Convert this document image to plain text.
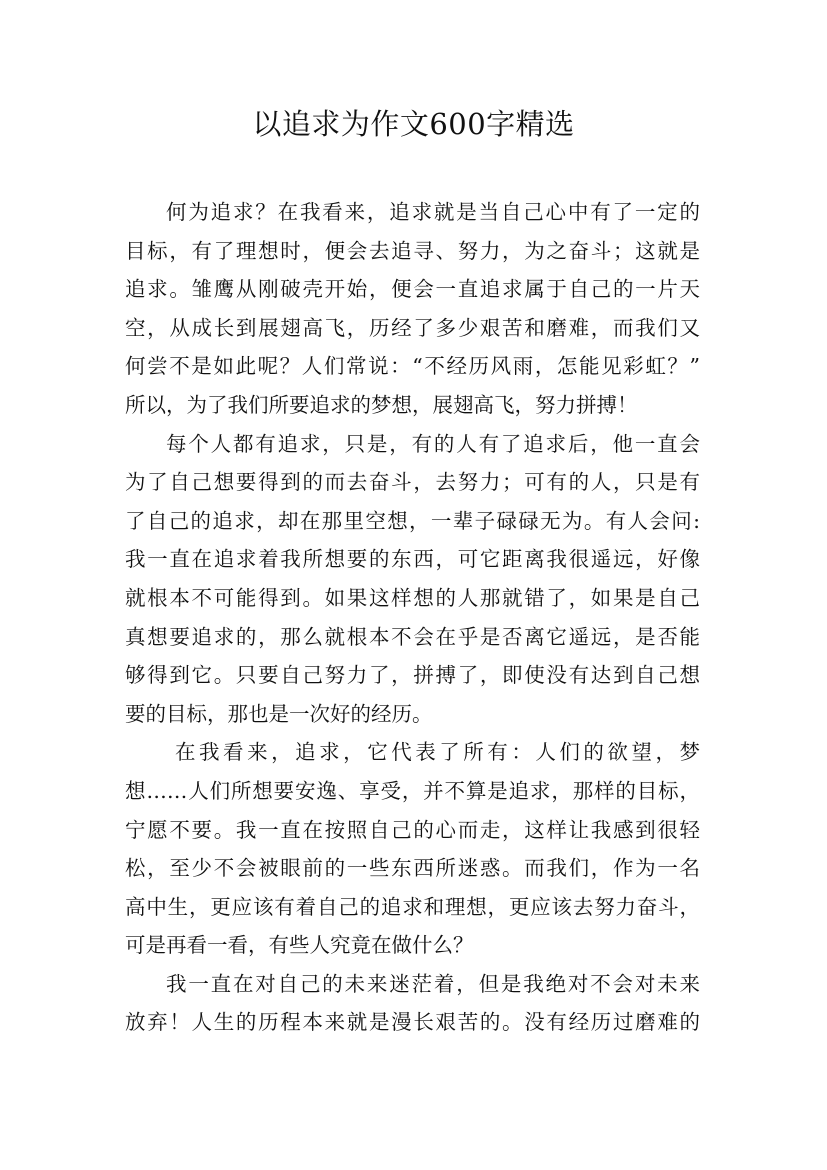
以追求为作文600字精选
何为追求？在我看来，追求就是当自己心中有了一定的
目标，有了理想时，便会去追寻、努力，为之奋斗；这就是
追求。雏鹰从刚破壳开始，便会一直追求属于自己的一片天
空，从成长到展翅高飞，历经了多少艰苦和磨难，而我们又
何尝不是如此呢？人们常说：“不经历风雨，怎能见彩虹？”
所以，为了我们所要追求的梦想，展翅高飞，努力拼搏！
每个人都有追求，只是，有的人有了追求后，他一直会
为了自己想要得到的而去奋斗，去努力；可有的人，只是有
了自己的追求，却在那里空想，一辈子碌碌无为。有人会问:
我一直在追求着我所想要的东西，可它距离我很遥远，好像
就根本不可能得到。如果这样想的人那就错了，如果是自己
真想要追求的，那么就根本不会在乎是否离它遥远，是否能
够得到它。只要自己努力了，拼搏了，即使没有达到自己想
要的目标，那也是一次好的经历。
在我看来，追求，它代表了所有：人们的欲望，梦
想……人们所想要安逸、享受，并不算是追求，那样的目标，
宁愿不要。我一直在按照自己的心而走，这样让我感到很轻
松，至少不会被眼前的一些东西所迷惑。而我们，作为一名
高中生，更应该有着自己的追求和理想，更应该去努力奋斗，
可是再看一看，有些人究竟在做什么？
我一直在对自己的未来迷茫着，但是我绝对不会对未来
放弃！人生的历程本来就是漫长艰苦的。没有经历过磨难的
